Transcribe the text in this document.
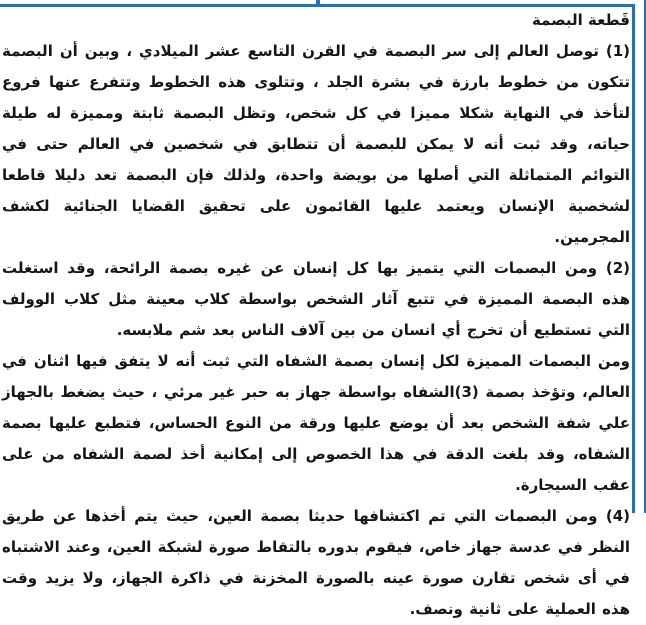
قَطعة البصمة

(1) توصل العالم إلى سر البصمة في القرن التاسع عشر الميلادي ، وبين أن البصمة تتكون من خطوط بارزة في بشرة الجلد ، وتتلوى هذه الخطوط وتتفرع عنها فروع لتأخذ في النهاية شكلا مميزا في كل شخص، وتظل البصمة ثابتة ومميزة له طيلة حياته، وقد ثبت أنه لا يمكن للبصمة أن تتطابق في شخصين في العالم حتى في التوائم المتماثلة التي أصلها من بويضة واحدة، ولذلك فإن البصمة تعد دليلا قاطعا لشخصية الإنسان ويعتمد عليها القائمون على تحقيق القضايا الجنائية لكشف المجرمين.

(2) ومن البصمات التي يتميز بها كل إنسان عن غيره بصمة الرائحة، وقد استغلت هذه البصمة المميزة في تتبع آثار الشخص بواسطة كلاب معينة مثل كلاب الوولف التي تستطيع أن تخرج أي انسان من بين آلاف الناس بعد شم ملابسه.

ومن البصمات المميزة لكل إنسان بصمة الشفاه التي ثبت أنه لا يتفق فيها اثنان في العالم، وتؤخذ بصمة (3)الشفاه بواسطة جهاز به حبر غير مرئي ، حيث يضغط بالجهاز علي شفة الشخص بعد أن يوضع عليها ورقة من النوع الحساس، فتطبع عليها بصمة الشفاه، وقد بلغت الدقة في هذا الخصوص إلى إمكانية أخذ لصمة الشفاه من على عقب السيجارة.

(4) ومن البصمات التي تم اكتشافها حديثا بصمة العين، حيث يتم أخذها عن طريق النظر في عدسة جهاز خاص، فيقوم بدوره بالتقاط صورة لشبكة العين، وعند الاشتباه في أى شخص تقارن صورة عينه بالصورة المخزنة في ذاكرة الجهاز، ولا يزيد وقت هذه العملية على ثانية ونصف.
